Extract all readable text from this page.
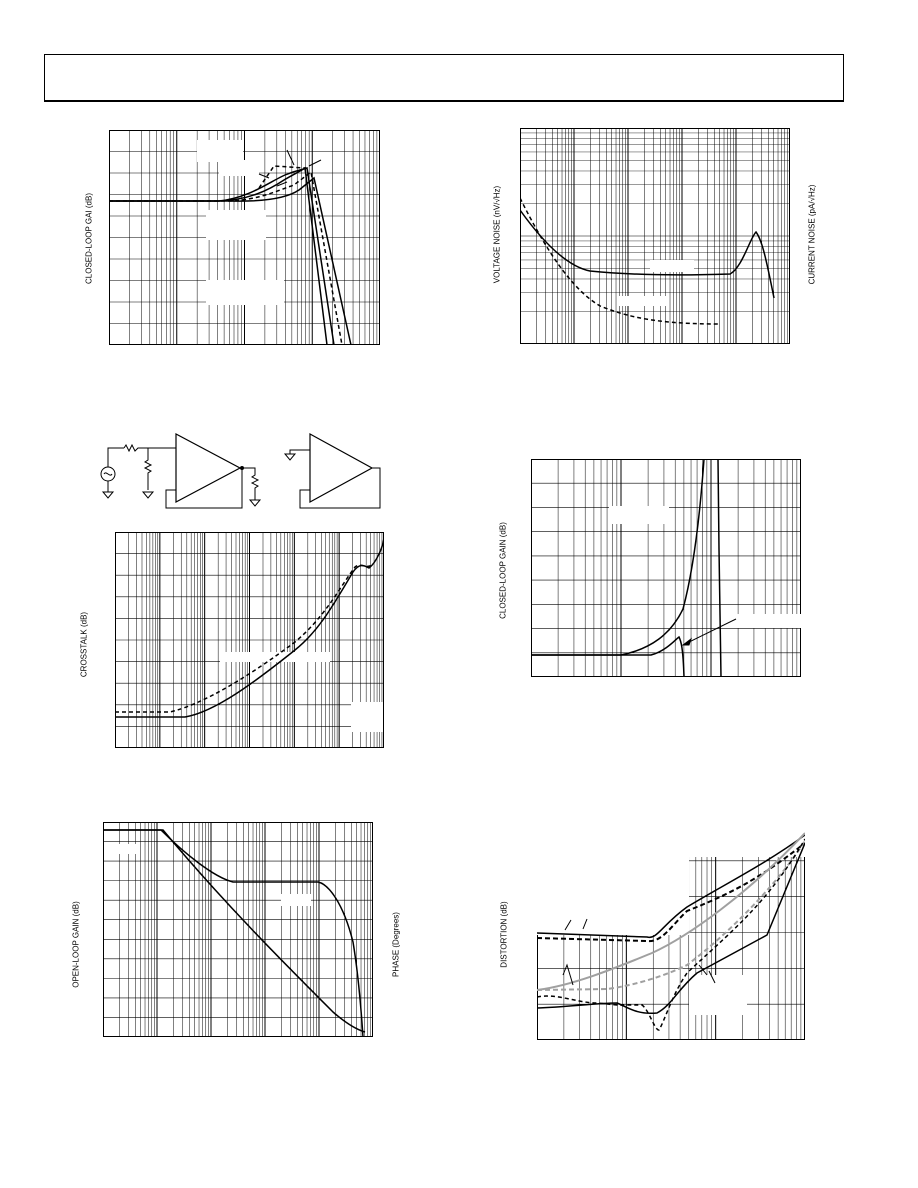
CLOSED-LOOP GAI (dB)	VOLTAGE NOISE (nV/√Hz)	CURRENT NOISE (pA/√Hz)
CROSSTALK (dB)
CLOSED-LOOP GAIN (dB)
OPEN-LOOP GAIN (dB)	PHASE (Degrees)	DISTORTION (dB)
